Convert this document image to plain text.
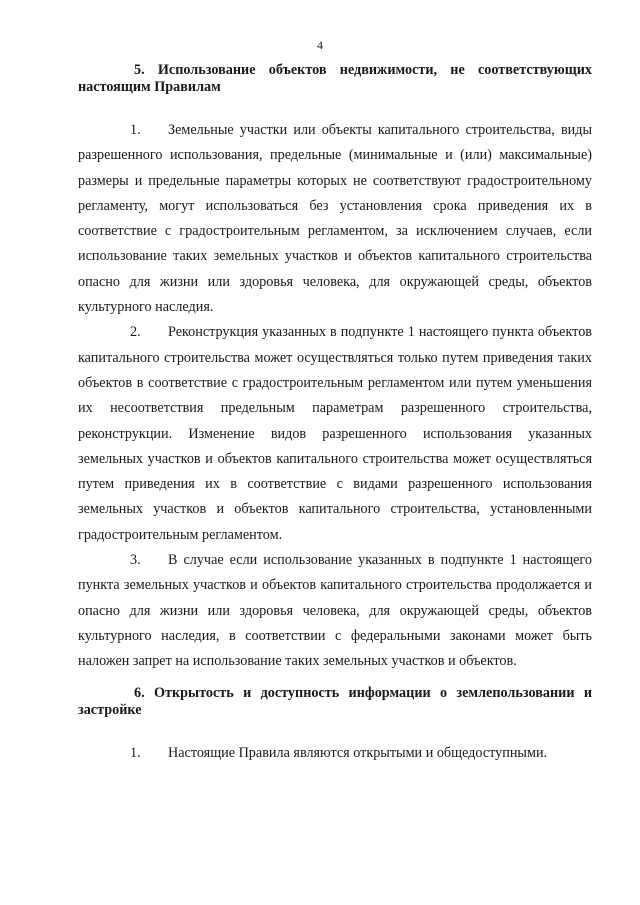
4

5. Использование объектов недвижимости, не соответствующих настоящим Правилам

1. Земельные участки или объекты капитального строительства, виды разрешенного использования, предельные (минимальные и (или) максимальные) размеры и предельные параметры которых не соответствуют градостроительному регламенту, могут использоваться без установления срока приведения их в соответствие с градостроительным регламентом, за исключением случаев, если использование таких земельных участков и объектов капитального строительства опасно для жизни или здоровья человека, для окружающей среды, объектов культурного наследия.

2. Реконструкция указанных в подпункте 1 настоящего пункта объектов капитального строительства может осуществляться только путем приведения таких объектов в соответствие с градостроительным регламентом или путем уменьшения их несоответствия предельным параметрам разрешенного строительства, реконструкции. Изменение видов разрешенного использования указанных земельных участков и объектов капитального строительства может осуществляться путем приведения их в соответствие с видами разрешенного использования земельных участков и объектов капитального строительства, установленными градостроительным регламентом.

3. В случае если использование указанных в подпункте 1 настоящего пункта земельных участков и объектов капитального строительства продолжается и опасно для жизни или здоровья человека, для окружающей среды, объектов культурного наследия, в соответствии с федеральными законами может быть наложен запрет на использование таких земельных участков и объектов.

6. Открытость и доступность информации о землепользовании и застройке

1. Настоящие Правила являются открытыми и общедоступными.
